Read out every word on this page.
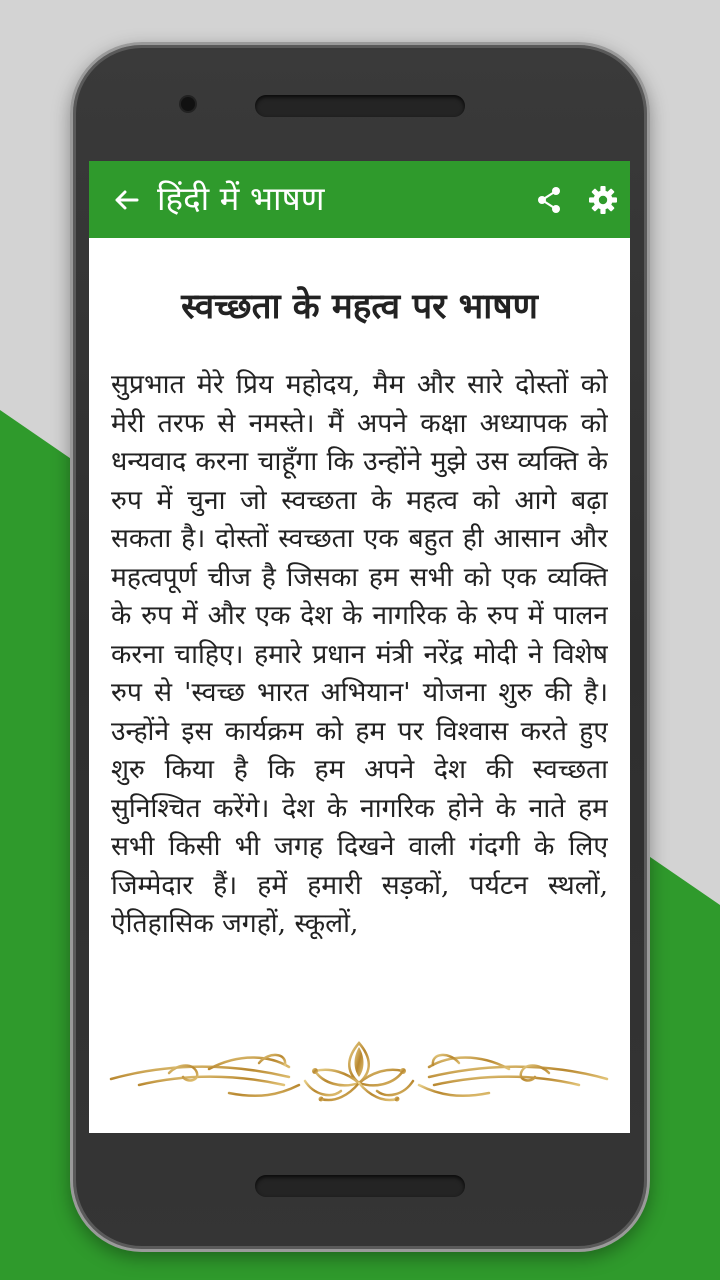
हिंदी में भाषण
स्वच्छता के महत्व पर भाषण
सुप्रभात मेरे प्रिय महोदय, मैम और सारे दोस्तों को मेरी तरफ से नमस्ते। मैं अपने कक्षा अध्यापक को धन्यवाद करना चाहूँगा कि उन्होंने मुझे उस व्यक्ति के रुप में चुना जो स्वच्छता के महत्व को आगे बढ़ा सकता है। दोस्तों स्वच्छता एक बहुत ही आसान और महत्वपूर्ण चीज है जिसका हम सभी को एक व्यक्ति के रुप में और एक देश के नागरिक के रुप में पालन करना चाहिए। हमारे प्रधान मंत्री नरेंद्र मोदी ने विशेष रुप से 'स्वच्छ भारत अभियान' योजना शुरु की है। उन्होंने इस कार्यक्रम को हम पर विश्वास करते हुए शुरु किया है कि हम अपने देश की स्वच्छता सुनिश्चित करेंगे। देश के नागरिक होने के नाते हम सभी किसी भी जगह दिखने वाली गंदगी के लिए जिम्मेदार हैं। हमें हमारी सड़कों, पर्यटन स्थलों, ऐतिहासिक जगहों, स्कूलों,
